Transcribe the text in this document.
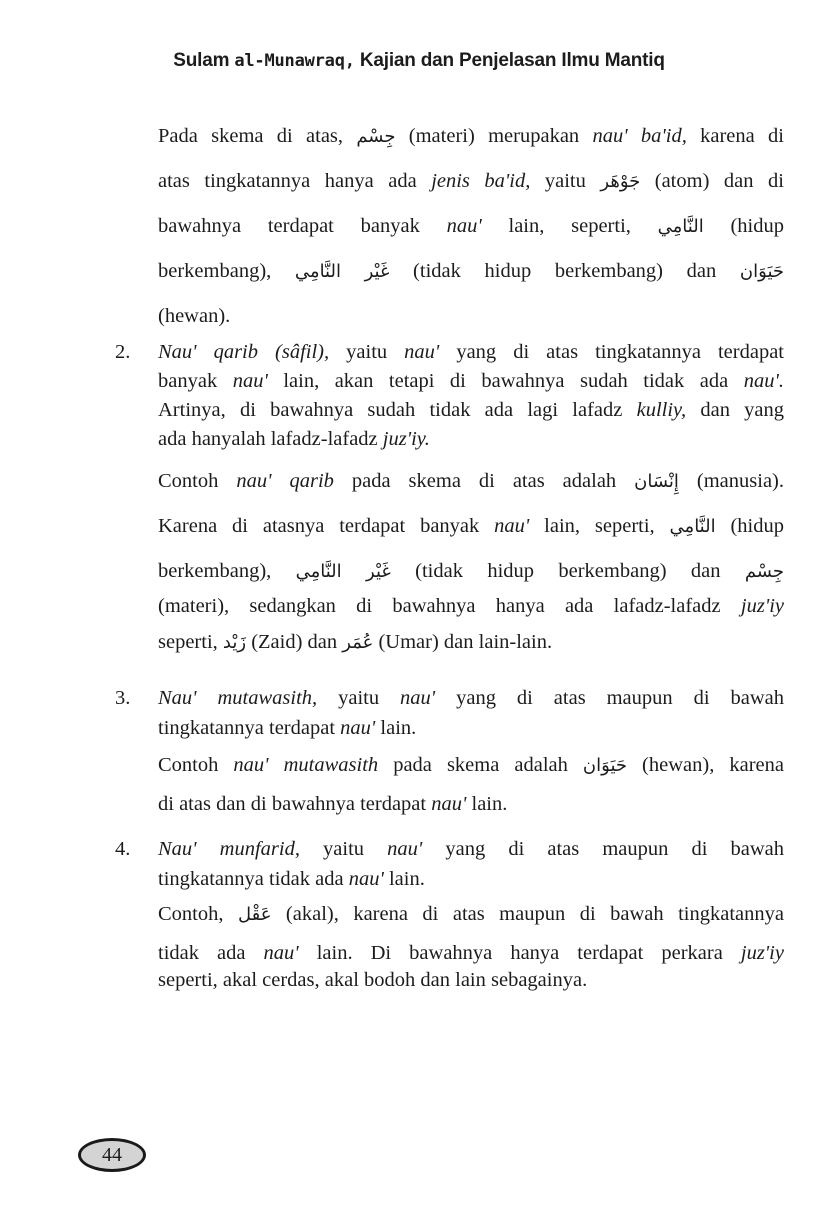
Sulam al-Munawraq, Kajian dan Penjelasan Ilmu Mantiq

Pada skema di atas, جِسْم (materi) merupakan nau' ba'id, karena di

atas tingkatannya hanya ada jenis ba'id, yaitu جَوْهَر (atom) dan di

bawahnya terdapat banyak nau' lain, seperti, النَّامِي (hidup

berkembang), النَّامِي غَيْر (tidak hidup berkembang) dan حَيَوَان

(hewan).

2. Nau' qarib (sâfil), yaitu nau' yang di atas tingkatannya terdapat

banyak nau' lain, akan tetapi di bawahnya sudah tidak ada nau'.

Artinya, di bawahnya sudah tidak ada lagi lafadz kulliy, dan yang

ada hanyalah lafadz-lafadz juz'iy.

Contoh nau' qarib pada skema di atas adalah إِنْسَان (manusia).

Karena di atasnya terdapat banyak nau' lain, seperti, النَّامِي (hidup

berkembang), النَّامِي غَيْر (tidak hidup berkembang) dan جِسْم

(materi), sedangkan di bawahnya hanya ada lafadz-lafadz juz'iy

seperti, زَيْد (Zaid) dan عُمَر (Umar) dan lain-lain.

3. Nau' mutawasith, yaitu nau' yang di atas maupun di bawah

tingkatannya terdapat nau' lain.

Contoh nau' mutawasith pada skema adalah حَيَوَان (hewan), karena

di atas dan di bawahnya terdapat nau' lain.

4. Nau' munfarid, yaitu nau' yang di atas maupun di bawah

tingkatannya tidak ada nau' lain.

Contoh, عَقْل (akal), karena di atas maupun di bawah tingkatannya

tidak ada nau' lain. Di bawahnya hanya terdapat perkara juz'iy

seperti, akal cerdas, akal bodoh dan lain sebagainya.

44
